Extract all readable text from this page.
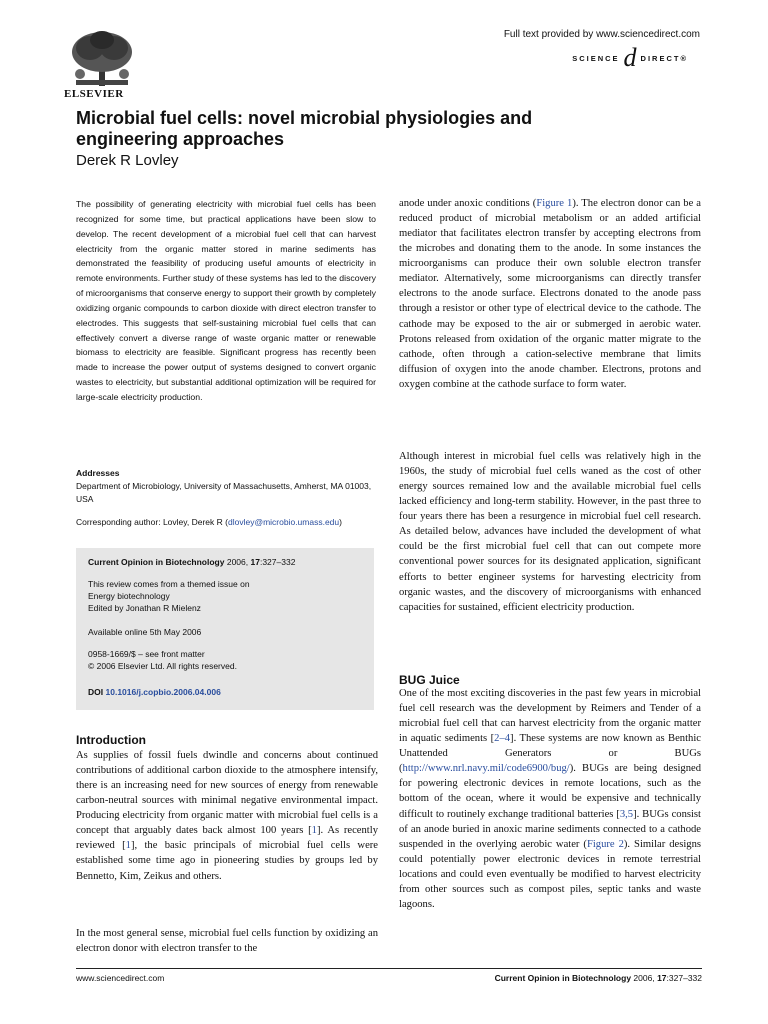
ELSEVIER
Full text provided by www.sciencedirect.com
SCIENCE d DIRECT®
Microbial fuel cells: novel microbial physiologies and engineering approaches
Derek R Lovley
The possibility of generating electricity with microbial fuel cells has been recognized for some time, but practical applications have been slow to develop. The recent development of a microbial fuel cell that can harvest electricity from the organic matter stored in marine sediments has demonstrated the feasibility of producing useful amounts of electricity in remote environments. Further study of these systems has led to the discovery of microorganisms that conserve energy to support their growth by completely oxidizing organic compounds to carbon dioxide with direct electron transfer to electrodes. This suggests that self-sustaining microbial fuel cells that can effectively convert a diverse range of waste organic matter or renewable biomass to electricity are feasible. Significant progress has recently been made to increase the power output of systems designed to convert organic wastes to electricity, but substantial additional optimization will be required for large-scale electricity production.
Addresses
Department of Microbiology, University of Massachusetts, Amherst, MA 01003, USA
Corresponding author: Lovley, Derek R (dlovley@microbio.umass.edu)
Current Opinion in Biotechnology 2006, 17:327–332
This review comes from a themed issue on
Energy biotechnology
Edited by Jonathan R Mielenz
Available online 5th May 2006
0958-1669/$ – see front matter
© 2006 Elsevier Ltd. All rights reserved.
DOI 10.1016/j.copbio.2006.04.006
Introduction
As supplies of fossil fuels dwindle and concerns about continued contributions of additional carbon dioxide to the atmosphere intensify, there is an increasing need for new sources of energy from renewable carbon-neutral sources with minimal negative environmental impact. Producing electricity from organic matter with microbial fuel cells is a concept that arguably dates back almost 100 years [1]. As recently reviewed [1], the basic principals of microbial fuel cells were established some time ago in pioneering studies by groups led by Bennetto, Kim, Zeikus and others.
In the most general sense, microbial fuel cells function by oxidizing an electron donor with electron transfer to the
anode under anoxic conditions (Figure 1). The electron donor can be a reduced product of microbial metabolism or an added artificial mediator that facilitates electron transfer by accepting electrons from the microbes and donating them to the anode. In some instances the microorganisms can produce their own soluble electron transfer mediator. Alternatively, some microorganisms can directly transfer electrons to the anode surface. Electrons donated to the anode pass through a resistor or other type of electrical device to the cathode. The cathode may be exposed to the air or submerged in aerobic water. Protons released from oxidation of the organic matter migrate to the cathode, often through a cation-selective membrane that limits diffusion of oxygen into the anode chamber. Electrons, protons and oxygen combine at the cathode surface to form water.
Although interest in microbial fuel cells was relatively high in the 1960s, the study of microbial fuel cells waned as the cost of other energy sources remained low and the available microbial fuel cells lacked efficiency and long-term stability. However, in the past three to four years there has been a resurgence in microbial fuel cell research. As detailed below, advances have included the development of what could be the first microbial fuel cell that can out compete more conventional power sources for its designated application, significant efforts to better engineer systems for harvesting electricity from organic wastes, and the discovery of microorganisms with enhanced capacities for sustained, efficient electricity production.
BUG Juice
One of the most exciting discoveries in the past few years in microbial fuel cell research was the development by Reimers and Tender of a microbial fuel cell that can harvest electricity from the organic matter in aquatic sediments [2–4]. These systems are now known as Benthic Unattended Generators or BUGs (http://www.nrl.navy.mil/code6900/bug/). BUGs are being designed for powering electronic devices in remote locations, such as the bottom of the ocean, where it would be expensive and technically difficult to routinely exchange traditional batteries [3,5]. BUGs consist of an anode buried in anoxic marine sediments connected to a cathode suspended in the overlying aerobic water (Figure 2). Similar designs could potentially power electronic devices in remote terrestrial locations and could even eventually be modified to harvest electricity from other sources such as compost piles, septic tanks and waste lagoons.
www.sciencedirect.com	Current Opinion in Biotechnology 2006, 17:327–332
